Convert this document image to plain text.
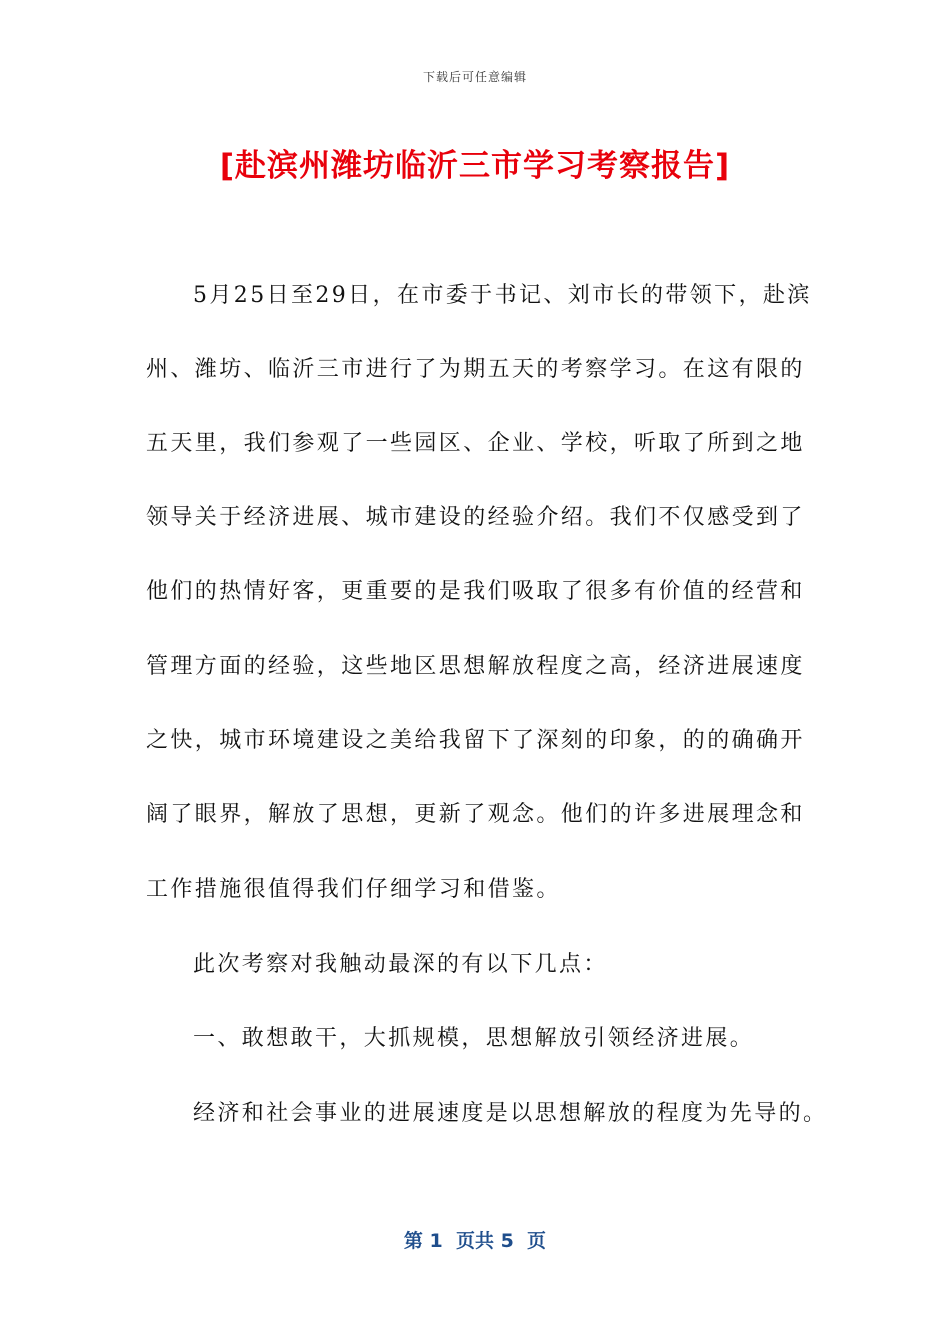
下载后可任意编辑
[赴滨州潍坊临沂三市学习考察报告]
5月25日至29日，在市委于书记、刘市长的带领下，赴滨
州、潍坊、临沂三市进行了为期五天的考察学习。在这有限的
五天里，我们参观了一些园区、企业、学校，听取了所到之地
领导关于经济进展、城市建设的经验介绍。我们不仅感受到了
他们的热情好客，更重要的是我们吸取了很多有价值的经营和
管理方面的经验，这些地区思想解放程度之高，经济进展速度
之快，城市环境建设之美给我留下了深刻的印象，的的确确开
阔了眼界，解放了思想，更新了观念。他们的许多进展理念和
工作措施很值得我们仔细学习和借鉴。
此次考察对我触动最深的有以下几点：
一、敢想敢干，大抓规模，思想解放引领经济进展。
经济和社会事业的进展速度是以思想解放的程度为先导的。
第 1  页共 5  页
